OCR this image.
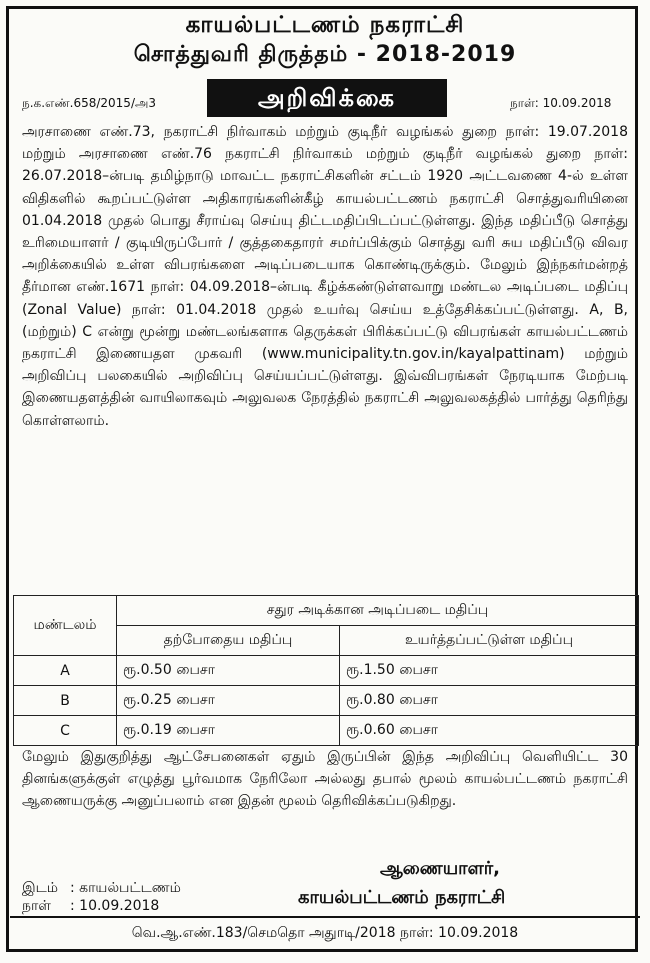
காயல்பட்டணம் நகராட்சி
சொத்துவரி திருத்தம் - 2018-2019
ந.க.எண்.658/2015/அ3	அறிவிக்கை	நாள்: 10.09.2018
அரசாணை எண்.73, நகராட்சி நிர்வாகம் மற்றும் குடிநீர் வழங்கல் துறை நாள்: 19.07.2018 மற்றும் அரசாணை எண்.76 நகராட்சி நிர்வாகம் மற்றும் குடிநீர் வழங்கல் துறை நாள்: 26.07.2018–ன்படி தமிழ்நாடு மாவட்ட நகராட்சிகளின் சட்டம் 1920 அட்டவணை 4-ல் உள்ள விதிகளில் கூறப்பட்டுள்ள அதிகாரங்களின்கீழ் காயல்பட்டணம் நகராட்சி சொத்துவரியினை 01.04.2018 முதல் பொது சீராய்வு செய்யு திட்டமதிப்பிடப்பட்டுள்ளது. இந்த மதிப்பீடு சொத்து உரிமையாளர் / குடியிருப்போர் / குத்தகைதாரர் சமர்ப்பிக்கும் சொத்து வரி சுய மதிப்பீடு விவர அறிக்கையில் உள்ள விபரங்களை அடிப்படையாக கொண்டிருக்கும். மேலும் இந்நகர்மன்றத் தீர்மான எண்.1671 நாள்: 04.09.2018–ன்படி கீழ்க்கண்டுள்ளவாறு மண்டல அடிப்படை மதிப்பு (Zonal Value) நாள்: 01.04.2018 முதல் உயர்வு செய்ய உத்தேசிக்கப்பட்டுள்ளது. A, B, (மற்றும்) C என்று மூன்று மண்டலங்களாக தெருக்கள் பிரிக்கப்பட்டு விபரங்கள் காயல்பட்டணம் நகராட்சி இணையதள முகவரி (www.municipality.tn.gov.in/kayalpattinam) மற்றும் அறிவிப்பு பலகையில் அறிவிப்பு செய்யப்பட்டுள்ளது. இவ்விபரங்கள் நேரடியாக மேற்படி இணையதளத்தின் வாயிலாகவும் அலுவலக நேரத்தில் நகராட்சி அலுவலகத்தில் பார்த்து தெரிந்து கொள்ளலாம்.
மண்டலம்	சதுர அடிக்கான அடிப்படை மதிப்பு	
	தற்போதைய மதிப்பு	உயர்த்தப்பட்டுள்ள மதிப்பு
A	ரூ.0.50 பைசா	ரூ.1.50 பைசா
B	ரூ.0.25 பைசா	ரூ.0.80 பைசா
C	ரூ.0.19 பைசா	ரூ.0.60 பைசா
மேலும் இதுகுறித்து ஆட்சேபனைகள் ஏதும் இருப்பின் இந்த அறிவிப்பு வெளியிட்ட 30 தினங்களுக்குள் எழுத்து பூர்வமாக நேரிலோ அல்லது தபால் மூலம் காயல்பட்டணம் நகராட்சி ஆணையருக்கு அனுப்பலாம் என இதன் மூலம் தெரிவிக்கப்படுகிறது.
இடம் : காயல்பட்டணம்
நாள் : 10.09.2018
ஆணையாளர்,
காயல்பட்டணம் நகராட்சி
வெ.ஆ.எண்.183/செமதொ அதுாடி/2018 நாள்: 10.09.2018
